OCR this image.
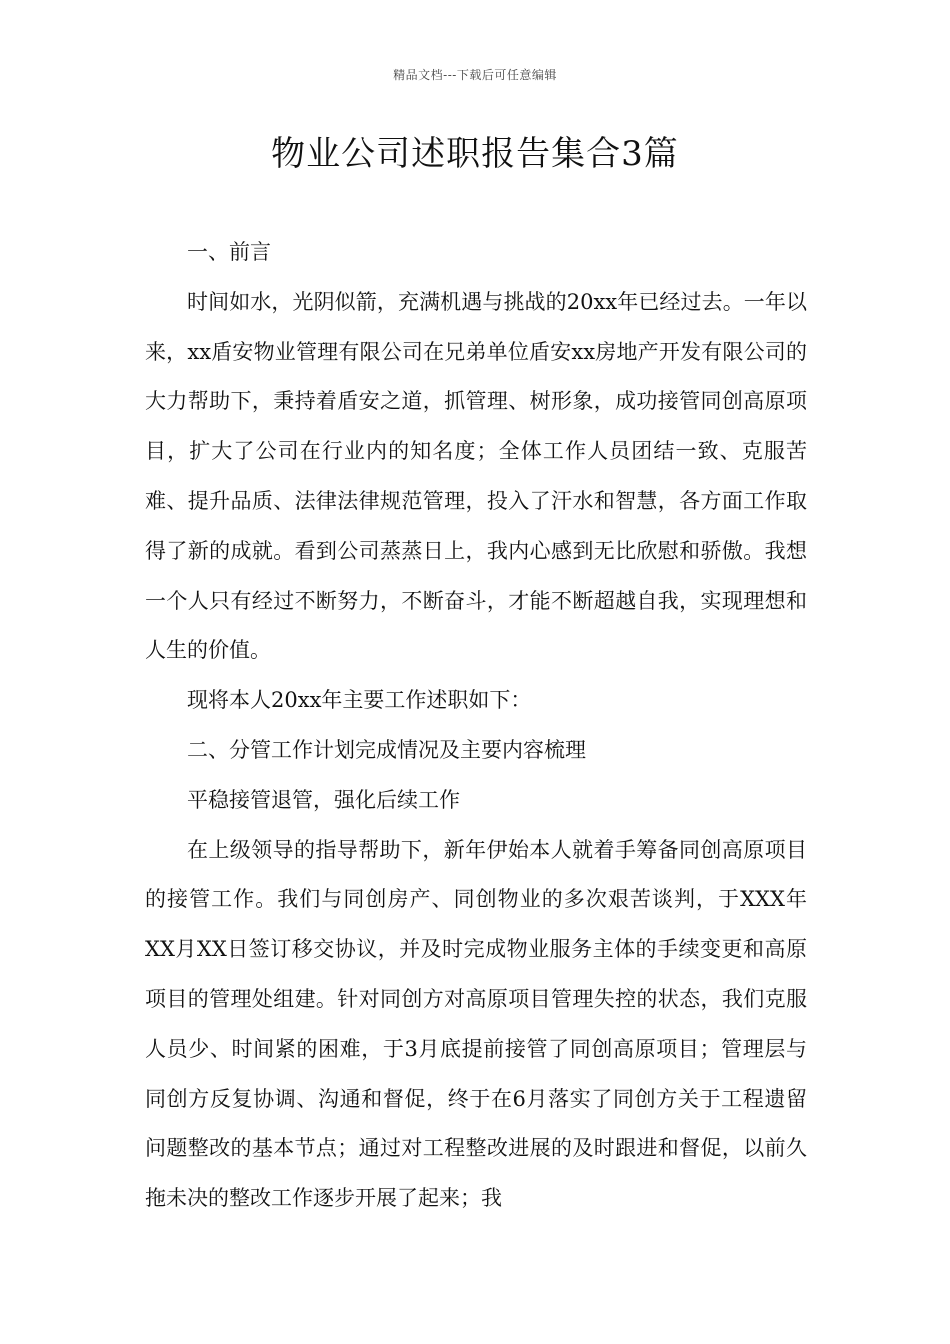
精品文档---下载后可任意编辑
物业公司述职报告集合3篇

一、前言

时间如水，光阴似箭，充满机遇与挑战的20xx年已经过去。一年以来，xx盾安物业管理有限公司在兄弟单位盾安xx房地产开发有限公司的大力帮助下，秉持着盾安之道，抓管理、树形象，成功接管同创高原项目，扩大了公司在行业内的知名度；全体工作人员团结一致、克服苦难、提升品质、法律法律规范管理，投入了汗水和智慧，各方面工作取得了新的成就。看到公司蒸蒸日上，我内心感到无比欣慰和骄傲。我想一个人只有经过不断努力，不断奋斗，才能不断超越自我，实现理想和人生的价值。

现将本人20xx年主要工作述职如下：

二、分管工作计划完成情况及主要内容梳理

平稳接管退管，强化后续工作

在上级领导的指导帮助下，新年伊始本人就着手筹备同创高原项目的接管工作。我们与同创房产、同创物业的多次艰苦谈判，于XXX年XX月XX日签订移交协议，并及时完成物业服务主体的手续变更和高原项目的管理处组建。针对同创方对高原项目管理失控的状态，我们克服人员少、时间紧的困难，于3月底提前接管了同创高原项目；管理层与同创方反复协调、沟通和督促，终于在6月落实了同创方关于工程遗留问题整改的基本节点；通过对工程整改进展的及时跟进和督促，以前久拖未决的整改工作逐步开展了起来；我
